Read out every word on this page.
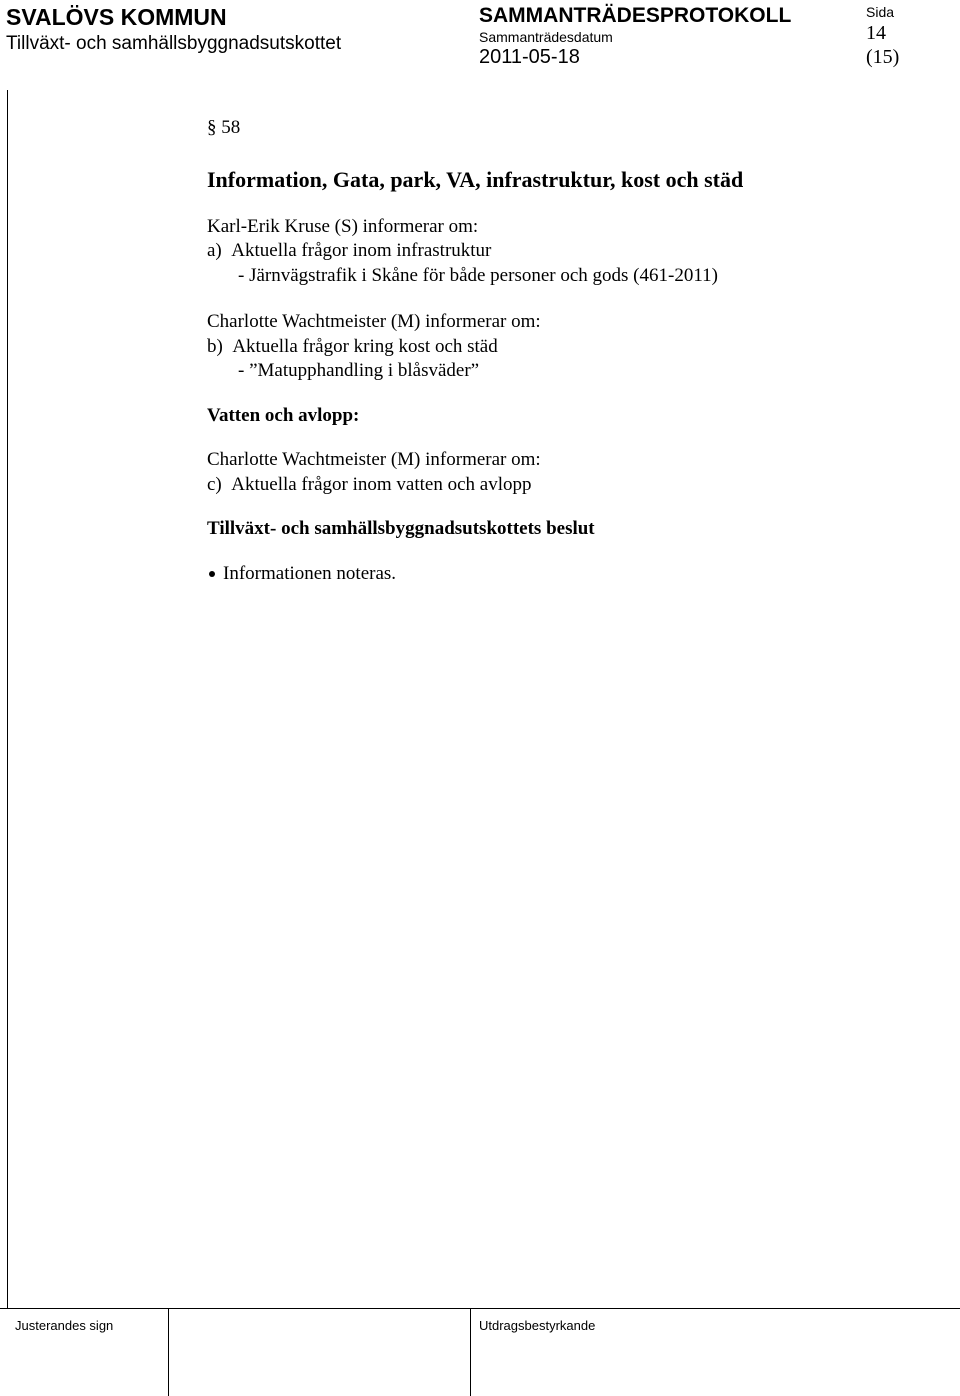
SVALÖVS KOMMUN
Tillväxt- och samhällsbyggnadsutskottet
SAMMANTRÄDESPROTOKOLL
Sammanträdesdatum
2011-05-18
Sida
14
(15)
§ 58
Information, Gata, park, VA, infrastruktur, kost och städ
Karl-Erik Kruse (S) informerar om:
a)  Aktuella frågor inom infrastruktur
- Järnvägstrafik i Skåne för både personer och gods (461-2011)
Charlotte Wachtmeister (M) informerar om:
b)  Aktuella frågor kring kost och städ
- ”Matupphandling i blåsväder”
Vatten och avlopp:
Charlotte Wachtmeister (M) informerar om:
c)  Aktuella frågor inom vatten och avlopp
Tillväxt- och samhällsbyggnadsutskottets beslut
Informationen noteras.
Justerandes sign	Utdragsbestyrkande
